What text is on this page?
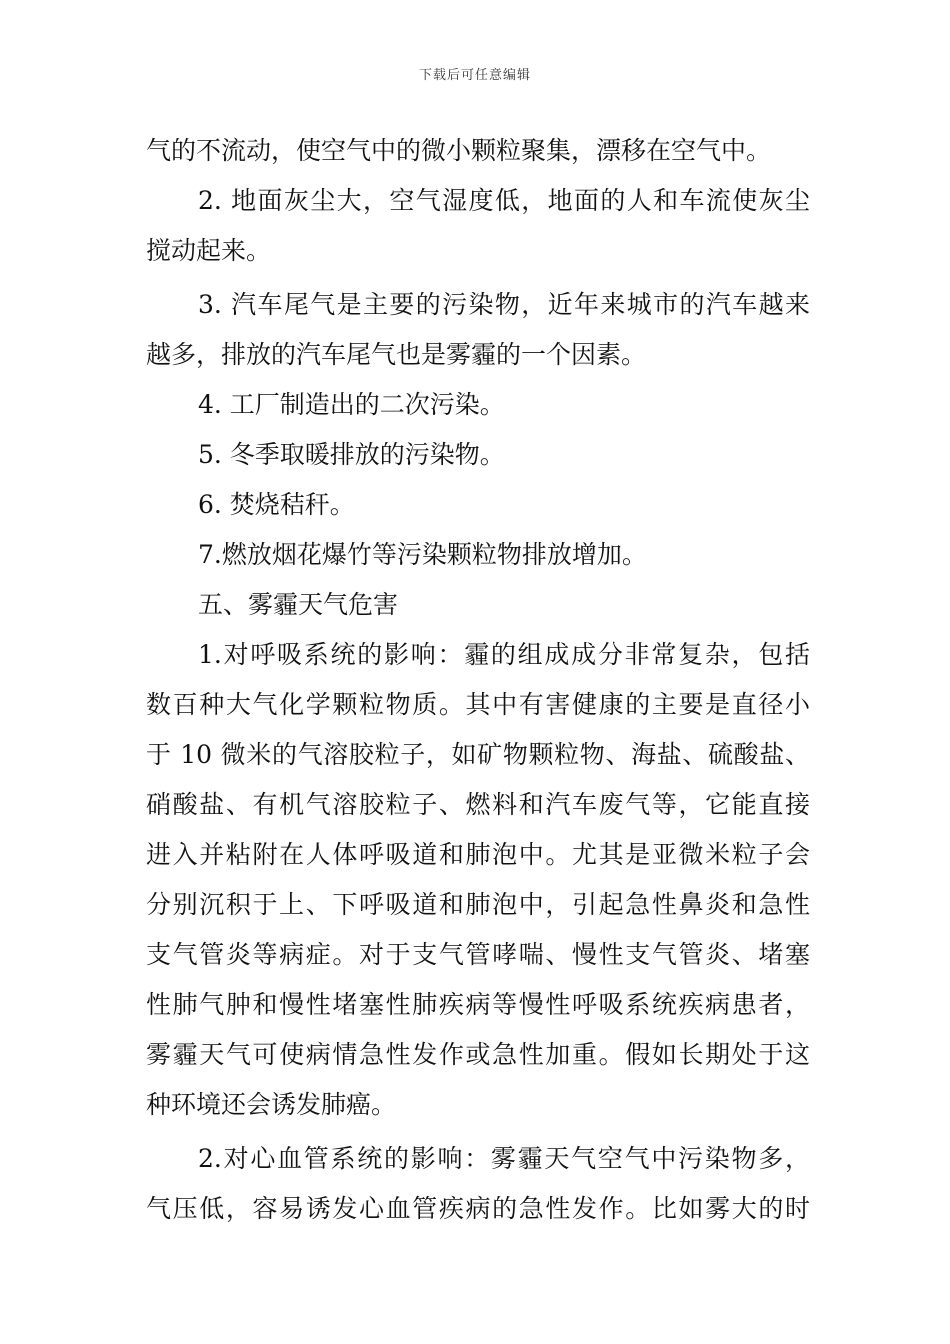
下载后可任意编辑
气的不流动，使空气中的微小颗粒聚集，漂移在空气中。
2. 地面灰尘大，空气湿度低，地面的人和车流使灰尘
搅动起来。
3. 汽车尾气是主要的污染物，近年来城市的汽车越来
越多，排放的汽车尾气也是雾霾的一个因素。
4. 工厂制造出的二次污染。
5. 冬季取暖排放的污染物。
6. 焚烧秸秆。
7.燃放烟花爆竹等污染颗粒物排放增加。
五、雾霾天气危害
1.对呼吸系统的影响：霾的组成成分非常复杂，包括
数百种大气化学颗粒物质。其中有害健康的主要是直径小
于 10 微米的气溶胶粒子，如矿物颗粒物、海盐、硫酸盐、
硝酸盐、有机气溶胶粒子、燃料和汽车废气等，它能直接
进入并粘附在人体呼吸道和肺泡中。尤其是亚微米粒子会
分别沉积于上、下呼吸道和肺泡中，引起急性鼻炎和急性
支气管炎等病症。对于支气管哮喘、慢性支气管炎、堵塞
性肺气肿和慢性堵塞性肺疾病等慢性呼吸系统疾病患者，
雾霾天气可使病情急性发作或急性加重。假如长期处于这
种环境还会诱发肺癌。
2.对心血管系统的影响：雾霾天气空气中污染物多，
气压低，容易诱发心血管疾病的急性发作。比如雾大的时
